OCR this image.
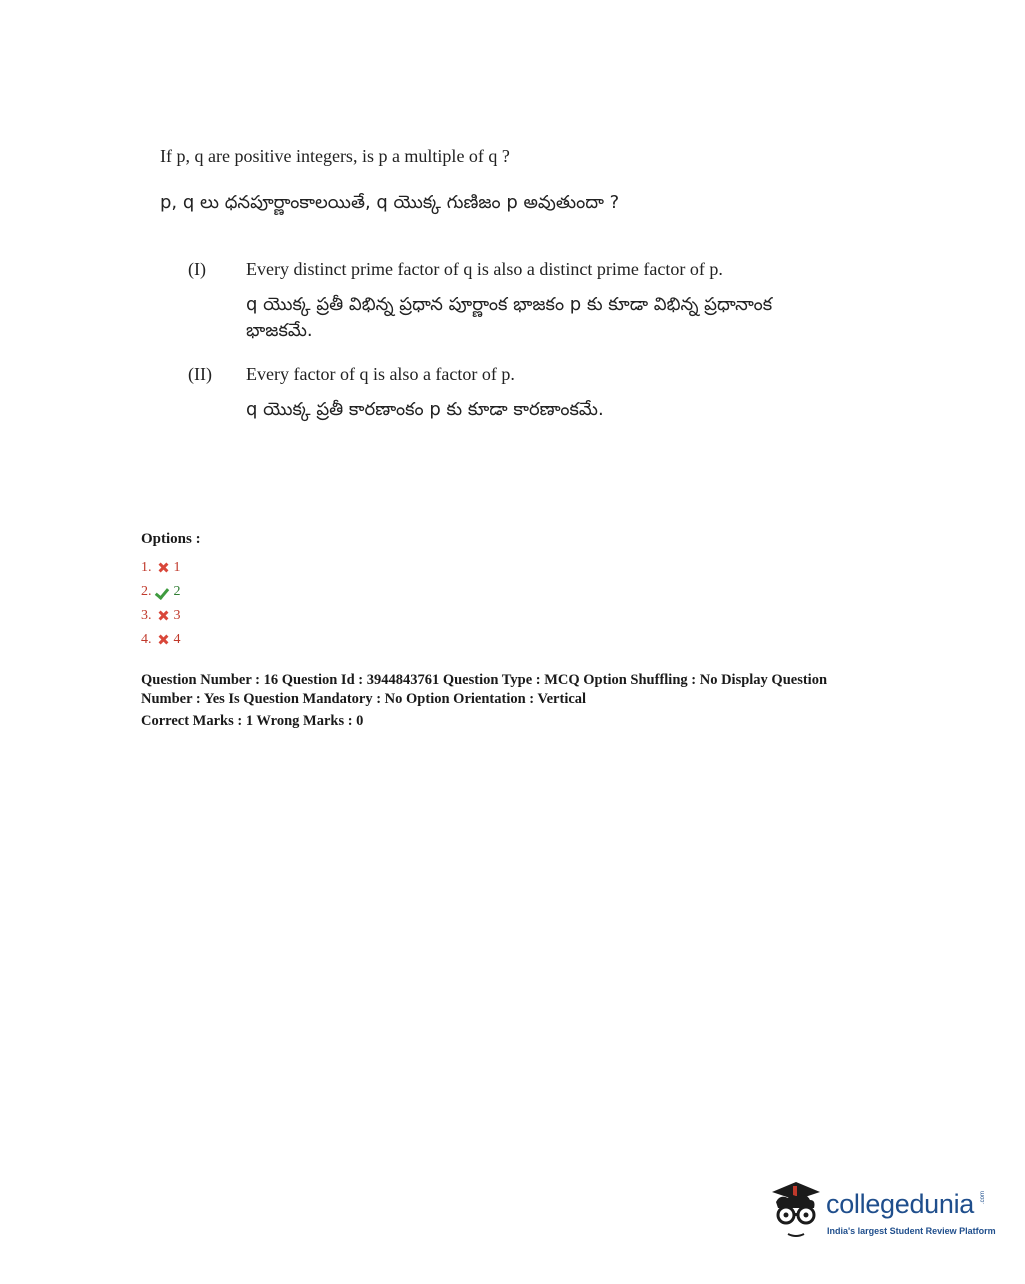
If p, q are positive integers, is p a multiple of q ?
p, q లు ధనపూర్ణాంకాలయితే, q యొక్క గుణిజం p అవుతుందా ?
(I)	Every distinct prime factor of q is also a distinct prime factor of p.
q యొక్క ప్రతీ విభిన్న ప్రధాన పూర్ణాంక భాజకం p కు కూడా విభిన్న ప్రధానాంక భాజకమే.
(II)	Every factor of q is also a factor of p.
q యొక్క ప్రతీ కారణాంకం p కు కూడా కారణాంకమే.
Options :
1. 1
2. 2
3. 3
4. 4
Question Number : 16 Question Id : 3944843761 Question Type : MCQ Option Shuffling : No Display Question
Number : Yes Is Question Mandatory : No Option Orientation : Vertical
Correct Marks : 1 Wrong Marks : 0
collegedunia .com
India's largest Student Review Platform
